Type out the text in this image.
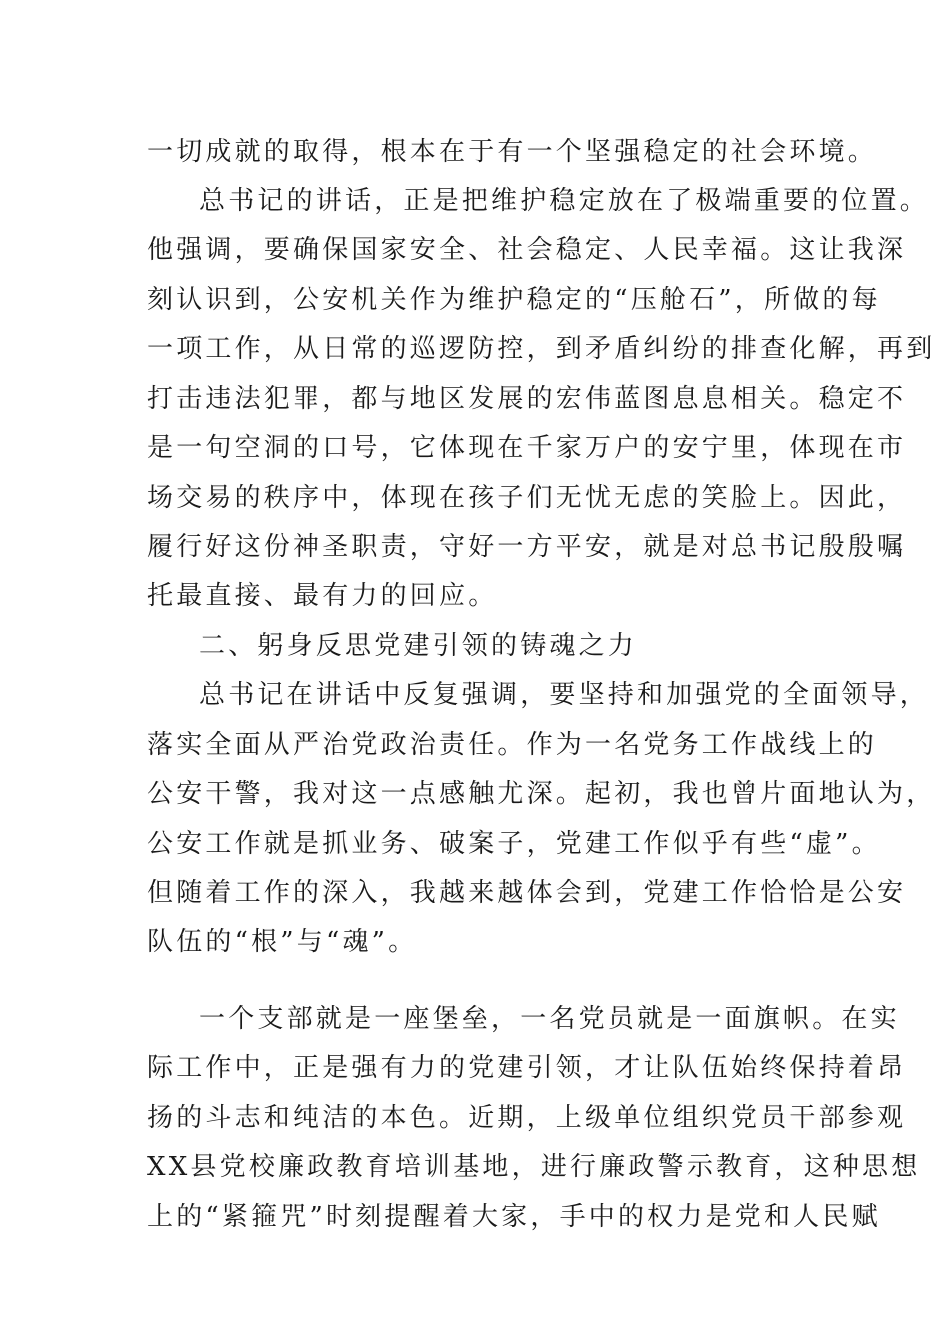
一切成就的取得，根本在于有一个坚强稳定的社会环境。
总书记的讲话，正是把维护稳定放在了极端重要的位置。
他强调，要确保国家安全、社会稳定、人民幸福。这让我深
刻认识到，公安机关作为维护稳定的“压舱石”，所做的每
一项工作，从日常的巡逻防控，到矛盾纠纷的排查化解，再到
打击违法犯罪，都与地区发展的宏伟蓝图息息相关。稳定不
是一句空洞的口号，它体现在千家万户的安宁里，体现在市
场交易的秩序中，体现在孩子们无忧无虑的笑脸上。因此，
履行好这份神圣职责，守好一方平安，就是对总书记殷殷嘱
托最直接、最有力的回应。
二、躬身反思党建引领的铸魂之力
总书记在讲话中反复强调，要坚持和加强党的全面领导，
落实全面从严治党政治责任。作为一名党务工作战线上的
公安干警，我对这一点感触尤深。起初，我也曾片面地认为，
公安工作就是抓业务、破案子，党建工作似乎有些“虚”。
但随着工作的深入，我越来越体会到，党建工作恰恰是公安
队伍的“根”与“魂”。
一个支部就是一座堡垒，一名党员就是一面旗帜。在实
际工作中，正是强有力的党建引领，才让队伍始终保持着昂
扬的斗志和纯洁的本色。近期，上级单位组织党员干部参观
XX县党校廉政教育培训基地，进行廉政警示教育，这种思想
上的“紧箍咒”时刻提醒着大家，手中的权力是党和人民赋
